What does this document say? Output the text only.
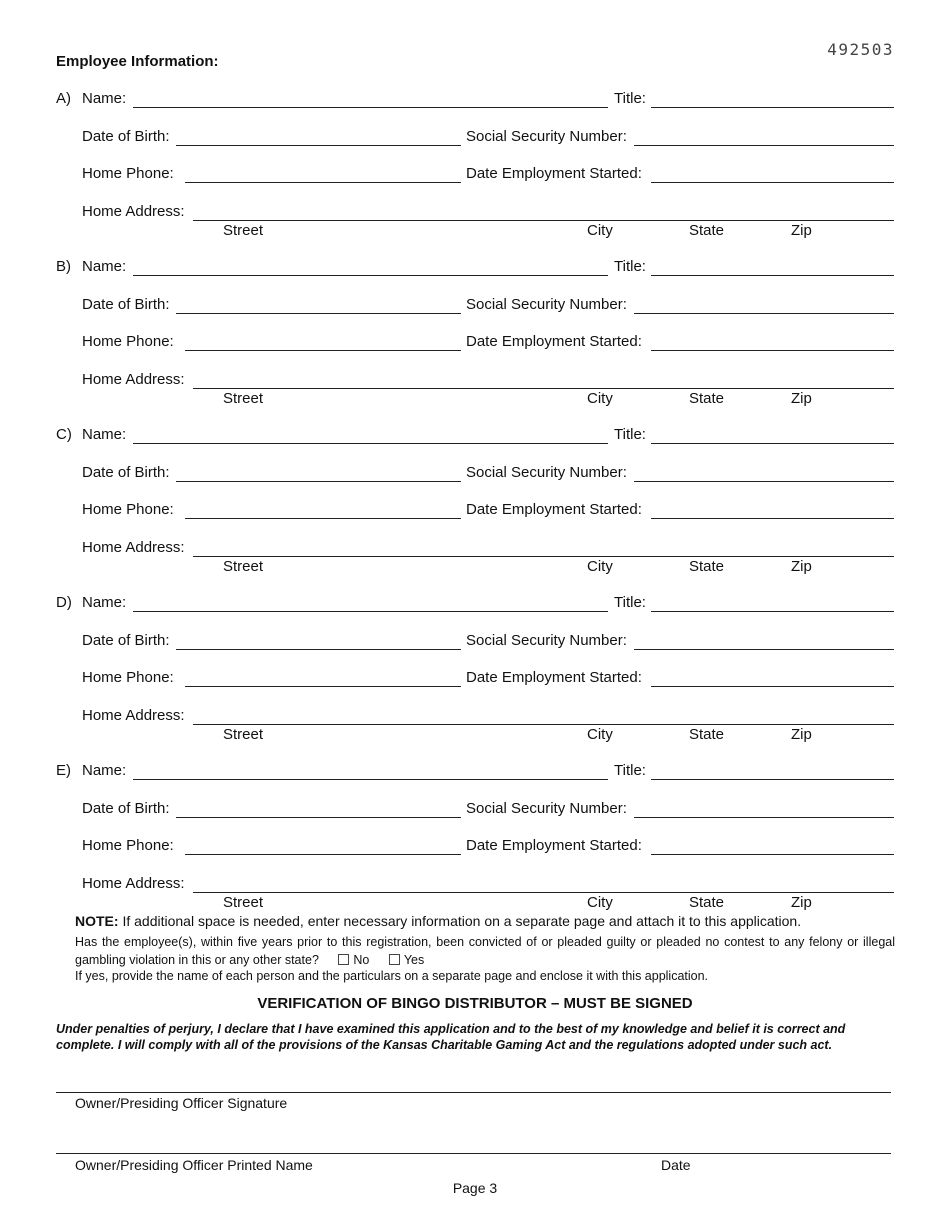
492503
Employee Information:
A) Name:	Title:
Date of Birth:	Social Security Number:
Home Phone:	Date Employment Started:
Home Address:
Street	City	State	Zip
B) Name:	Title:
Date of Birth:	Social Security Number:
Home Phone:	Date Employment Started:
Home Address:
Street	City	State	Zip
C) Name:	Title:
Date of Birth:	Social Security Number:
Home Phone:	Date Employment Started:
Home Address:
Street	City	State	Zip
D) Name:	Title:
Date of Birth:	Social Security Number:
Home Phone:	Date Employment Started:
Home Address:
Street	City	State	Zip
E) Name:	Title:
Date of Birth:	Social Security Number:
Home Phone:	Date Employment Started:
Home Address:
Street	City	State	Zip
NOTE: If additional space is needed, enter necessary information on a separate page and attach it to this application.
Has the employee(s), within five years prior to this registration, been convicted of or pleaded guilty or pleaded no contest to any felony or illegal gambling violation in this or any other state?	No	Yes
If yes, provide the name of each person and the particulars on a separate page and enclose it with this application.
VERIFICATION OF BINGO DISTRIBUTOR – MUST BE SIGNED
Under penalties of perjury, I declare that I have examined this application and to the best of my knowledge and belief it is correct and complete. I will comply with all of the provisions of the Kansas Charitable Gaming Act and the regulations adopted under such act.
Owner/Presiding Officer Signature
Owner/Presiding Officer Printed Name	Date
Page 3
